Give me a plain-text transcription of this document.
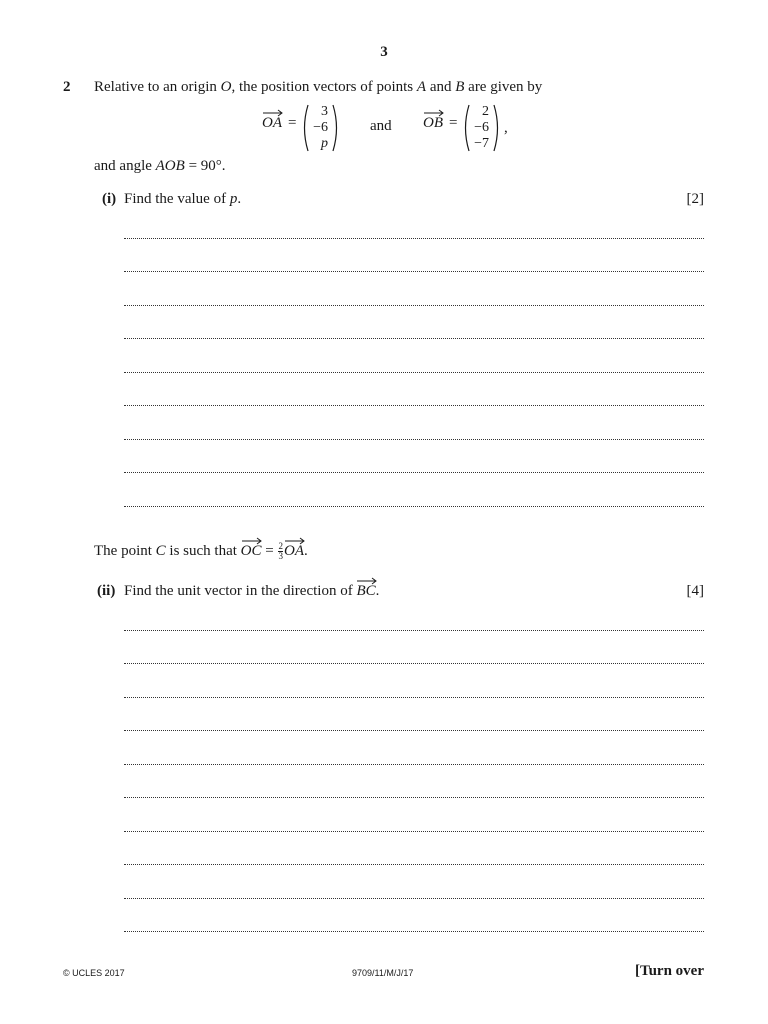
3
2 Relative to an origin O, the position vectors of points A and B are given by
OA =
3
−6
p
and OB =
2
−6
−7
,
and angle AOB = 90°.
(i) Find the value of p.	[2]
The point C is such that
OC = $\frac{2}{3}$ OA.
(ii) Find the unit vector in the direction of
BC.	[4]
© UCLES 2017	9709/11/M/J/17	[Turn over
